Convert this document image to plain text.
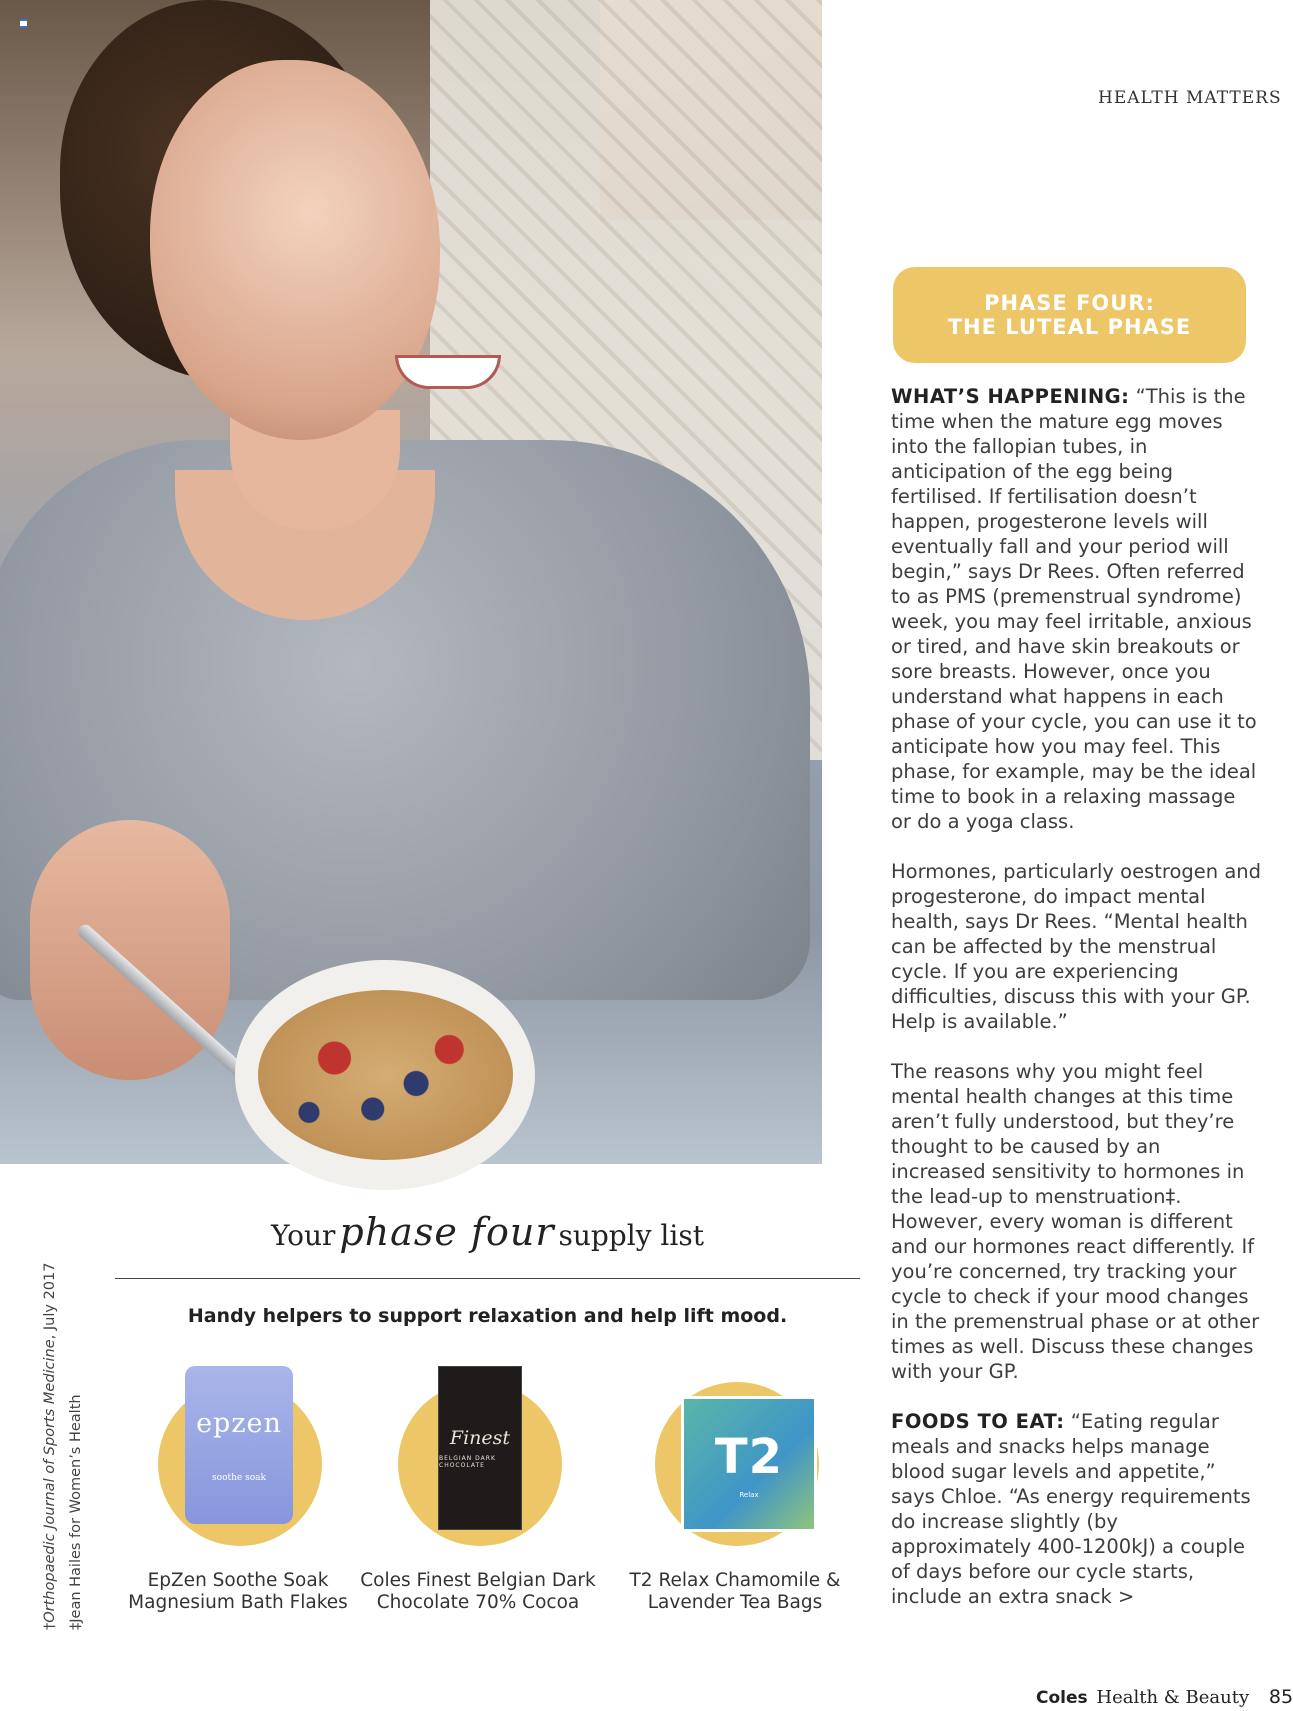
HEALTH MATTERS
PHASE FOUR:
THE LUTEAL PHASE

WHAT’S HAPPENING: “This is the time when the mature egg moves into the fallopian tubes, in anticipation of the egg being fertilised. If fertilisation doesn’t happen, progesterone levels will eventually fall and your period will begin,” says Dr Rees. Often referred to as PMS (premenstrual syndrome) week, you may feel irritable, anxious or tired, and have skin breakouts or sore breasts. However, once you understand what happens in each phase of your cycle, you can use it to anticipate how you may feel. This phase, for example, may be the ideal time to book in a relaxing massage or do a yoga class.

Hormones, particularly oestrogen and progesterone, do impact mental health, says Dr Rees. “Mental health can be affected by the menstrual cycle. If you are experiencing difficulties, discuss this with your GP. Help is available.”

The reasons why you might feel mental health changes at this time aren’t fully understood, but they’re thought to be caused by an increased sensitivity to hormones in the lead-up to menstruation‡. However, every woman is different and our hormones react differently. If you’re concerned, try tracking your cycle to check if your mood changes in the premenstrual phase or at other times as well. Discuss these changes with your GP.

FOODS TO EAT: “Eating regular meals and snacks helps manage blood sugar levels and appetite,” says Chloe. “As energy requirements do increase slightly (by approximately 400-1200kJ) a couple of days before our cycle starts, include an extra snack >

†Orthopaedic Journal of Sports Medicine, July 2017
‡Jean Hailes for Women’s Health
Your phase four supply list
Handy helpers to support relaxation and help lift mood.
epzen
soothe soak
EpZen Soothe Soak Magnesium Bath Flakes
Finest
BELGIAN DARK CHOCOLATE
Coles Finest Belgian Dark Chocolate 70% Cocoa
T2
Relax
T2 Relax Chamomile & Lavender Tea Bags
Coles Health & Beauty 85
